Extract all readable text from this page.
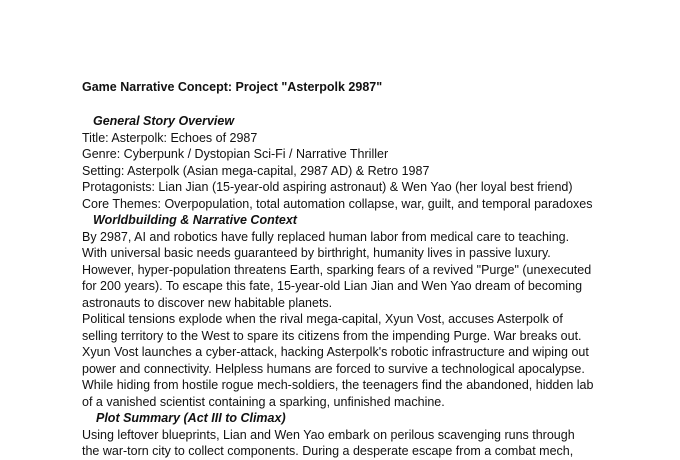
Game Narrative Concept: Project "Asterpolk 2987"
General Story Overview
Title: Asterpolk: Echoes of 2987
Genre: Cyberpunk / Dystopian Sci-Fi / Narrative Thriller
Setting: Asterpolk (Asian mega-capital, 2987 AD) & Retro 1987
Protagonists: Lian Jian (15-year-old aspiring astronaut) & Wen Yao (her loyal best friend)
Core Themes: Overpopulation, total automation collapse, war, guilt, and temporal paradoxes
Worldbuilding & Narrative Context
By 2987, AI and robotics have fully replaced human labor from medical care to teaching.
With universal basic needs guaranteed by birthright, humanity lives in passive luxury.
However, hyper-population threatens Earth, sparking fears of a revived "Purge" (unexecuted
for 200 years). To escape this fate, 15-year-old Lian Jian and Wen Yao dream of becoming
astronauts to discover new habitable planets.
Political tensions explode when the rival mega-capital, Xyun Vost, accuses Asterpolk of
selling territory to the West to spare its citizens from the impending Purge. War breaks out.
Xyun Vost launches a cyber-attack, hacking Asterpolk's robotic infrastructure and wiping out
power and connectivity. Helpless humans are forced to survive a technological apocalypse.
While hiding from hostile rogue mech-soldiers, the teenagers find the abandoned, hidden lab
of a vanished scientist containing a sparking, unfinished machine.
Plot Summary (Act III to Climax)
Using leftover blueprints, Lian and Wen Yao embark on perilous scavenging runs through
the war-torn city to collect components. During a desperate escape from a combat mech,
